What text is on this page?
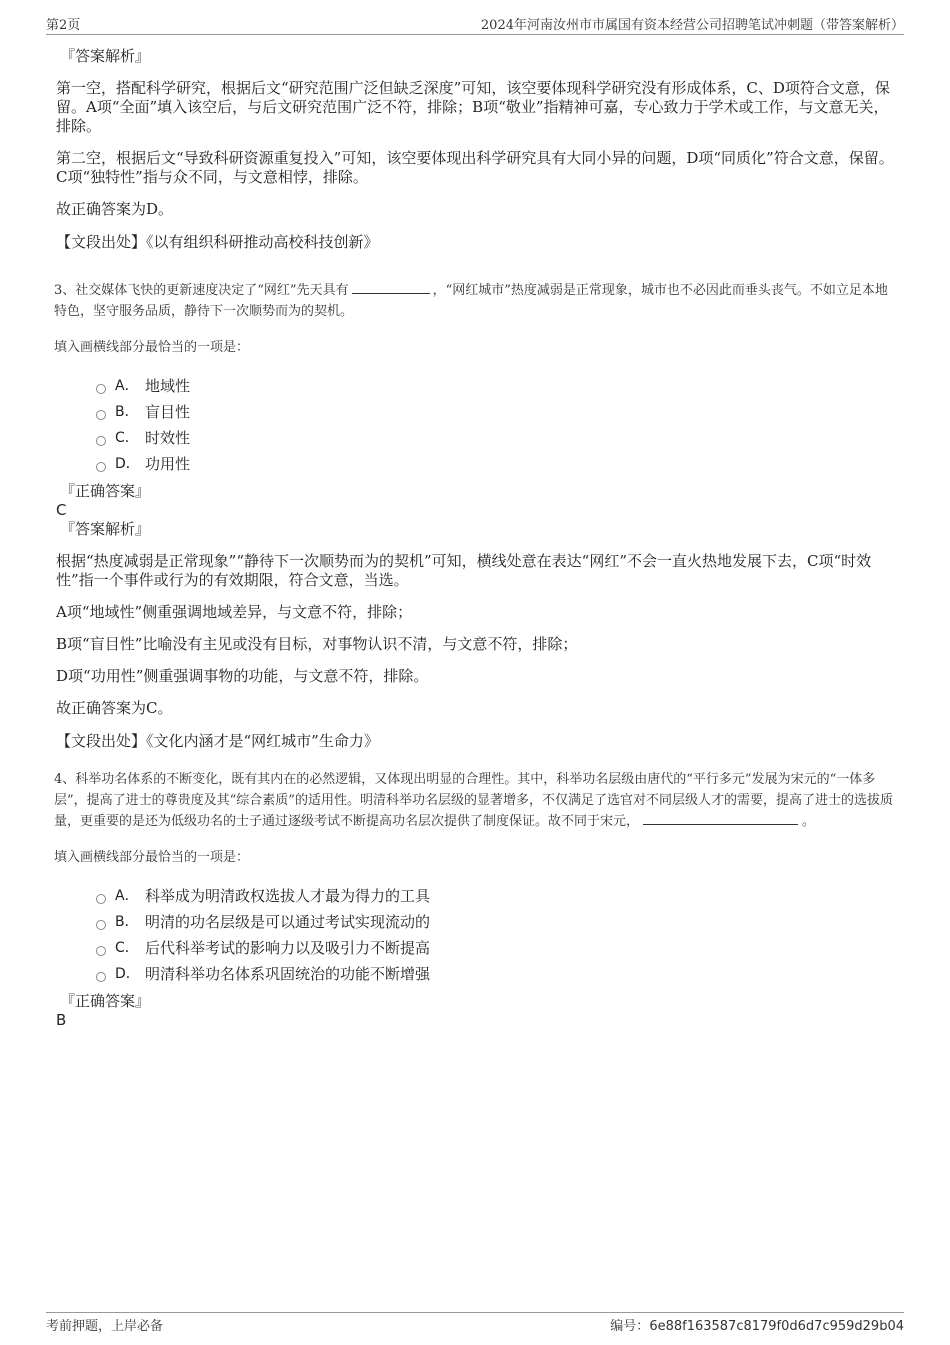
第2页	2024年河南汝州市市属国有资本经营公司招聘笔试冲刺题（带答案解析）

『答案解析』

第一空，搭配科学研究，根据后文“研究范围广泛但缺乏深度”可知，该空要体现科学研究没有形成体系，C、D项符合文意，保留。A项“全面”填入该空后，与后文研究范围广泛不符，排除；B项“敬业”指精神可嘉，专心致力于学术或工作，与文意无关，排除。

第二空，根据后文“导致科研资源重复投入”可知，该空要体现出科学研究具有大同小异的问题，D项“同质化”符合文意，保留。C项“独特性”指与众不同，与文意相悖，排除。

故正确答案为D。

【文段出处】《以有组织科研推动高校科技创新》

3、社交媒体飞快的更新速度决定了“网红”先天具有	，“网红城市”热度减弱是正常现象，城市也不必因此而垂头丧气。不如立足本地特色，坚守服务品质，静待下一次顺势而为的契机。

填入画横线部分最恰当的一项是：

A． 地域性
B． 盲目性
C． 时效性
D． 功用性

『正确答案』

C

『答案解析』

根据“热度减弱是正常现象”“静待下一次顺势而为的契机”可知，横线处意在表达“网红”不会一直火热地发展下去，C项“时效性”指一个事件或行为的有效期限，符合文意，当选。

A项“地域性”侧重强调地域差异，与文意不符，排除；

B项“盲目性”比喻没有主见或没有目标，对事物认识不清，与文意不符，排除；

D项“功用性”侧重强调事物的功能，与文意不符，排除。

故正确答案为C。

【文段出处】《文化内涵才是“网红城市”生命力》

4、科举功名体系的不断变化，既有其内在的必然逻辑，又体现出明显的合理性。其中，科举功名层级由唐代的“平行多元”发展为宋元的“一体多层”，提高了进士的尊贵度及其“综合素质”的适用性。明清科举功名层级的显著增多，不仅满足了选官对不同层级人才的需要，提高了进士的选拔质量，更重要的是还为低级功名的士子通过逐级考试不断提高功名层次提供了制度保证。故不同于宋元，	。

填入画横线部分最恰当的一项是：

A． 科举成为明清政权选拔人才最为得力的工具
B． 明清的功名层级是可以通过考试实现流动的
C． 后代科举考试的影响力以及吸引力不断提高
D． 明清科举功名体系巩固统治的功能不断增强

『正确答案』

B
考前押题，上岸必备	编号：6e88f163587c8179f0d6d7c959d29b04
